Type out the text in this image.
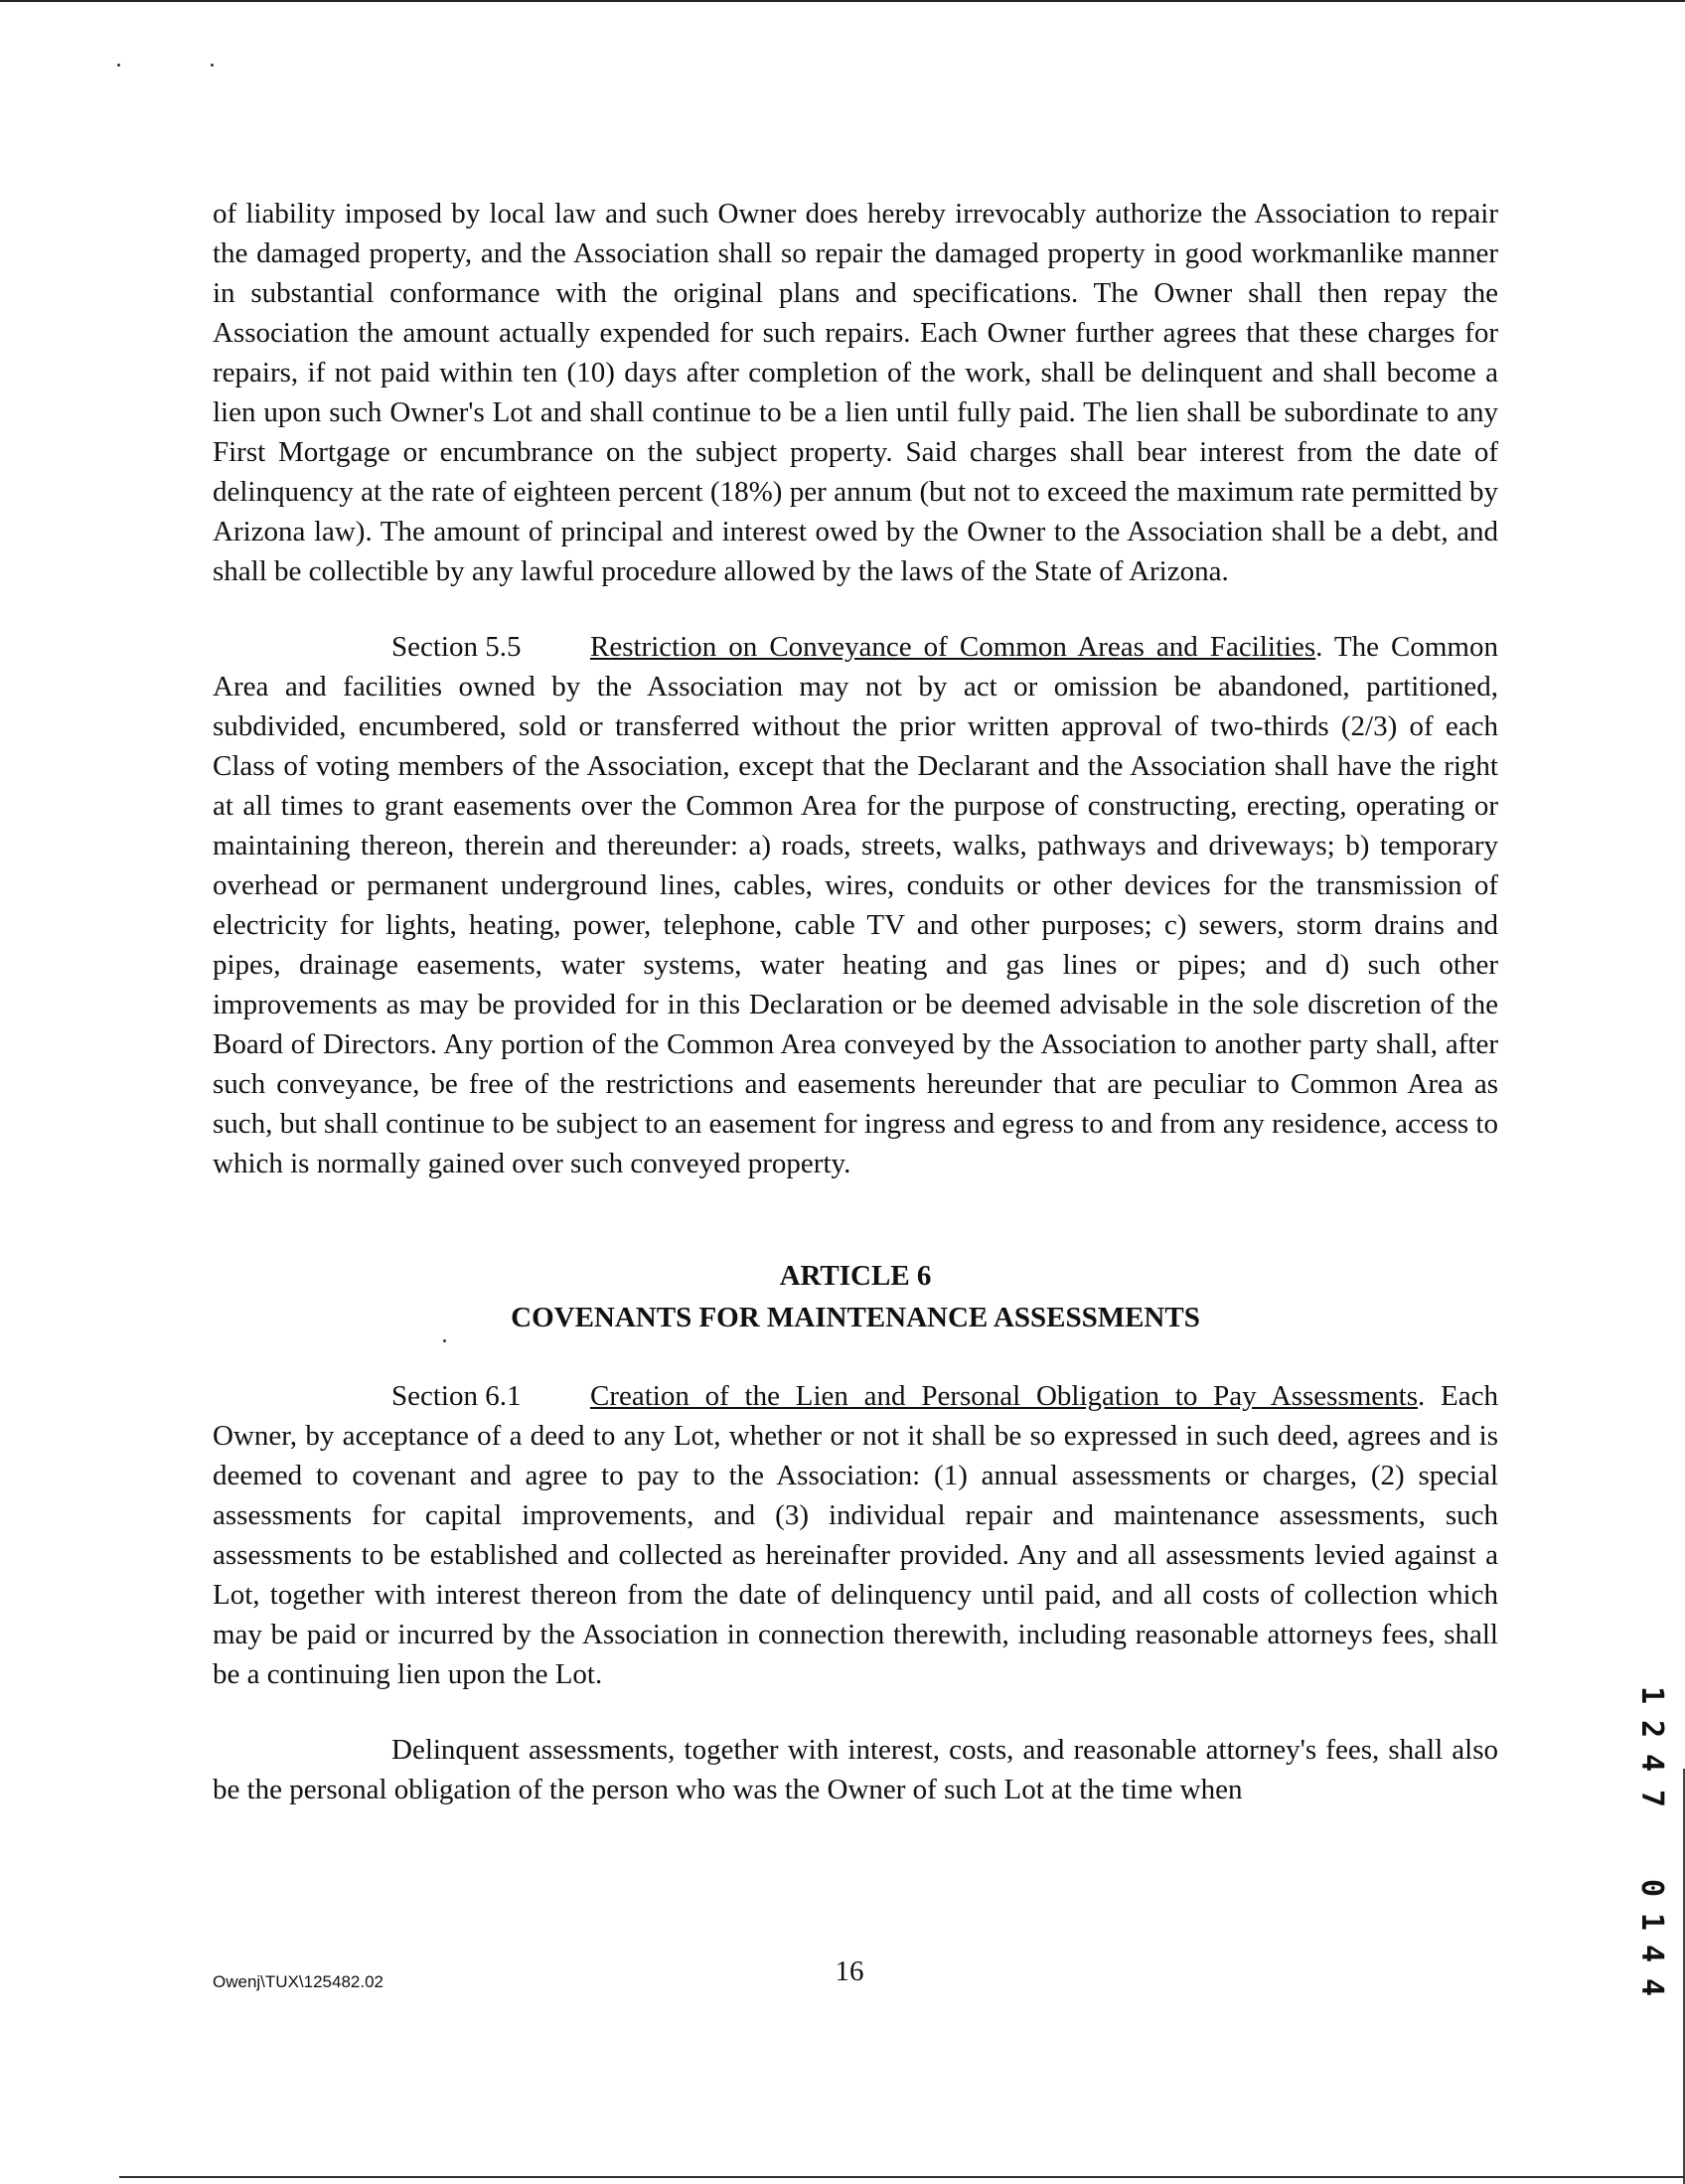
of liability imposed by local law and such Owner does hereby irrevocably authorize the Association to repair the damaged property, and the Association shall so repair the damaged property in good workmanlike manner in substantial conformance with the original plans and specifications. The Owner shall then repay the Association the amount actually expended for such repairs. Each Owner further agrees that these charges for repairs, if not paid within ten (10) days after completion of the work, shall be delinquent and shall become a lien upon such Owner's Lot and shall continue to be a lien until fully paid. The lien shall be subordinate to any First Mortgage or encumbrance on the subject property. Said charges shall bear interest from the date of delinquency at the rate of eighteen percent (18%) per annum (but not to exceed the maximum rate permitted by Arizona law). The amount of principal and interest owed by the Owner to the Association shall be a debt, and shall be collectible by any lawful procedure allowed by the laws of the State of Arizona.

Section 5.5 Restriction on Conveyance of Common Areas and Facilities. The Common Area and facilities owned by the Association may not by act or omission be abandoned, partitioned, subdivided, encumbered, sold or transferred without the prior written approval of two-thirds (2/3) of each Class of voting members of the Association, except that the Declarant and the Association shall have the right at all times to grant easements over the Common Area for the purpose of constructing, erecting, operating or maintaining thereon, therein and thereunder: a) roads, streets, walks, pathways and driveways; b) temporary overhead or permanent underground lines, cables, wires, conduits or other devices for the transmission of electricity for lights, heating, power, telephone, cable TV and other purposes; c) sewers, storm drains and pipes, drainage easements, water systems, water heating and gas lines or pipes; and d) such other improvements as may be provided for in this Declaration or be deemed advisable in the sole discretion of the Board of Directors. Any portion of the Common Area conveyed by the Association to another party shall, after such conveyance, be free of the restrictions and easements hereunder that are peculiar to Common Area as such, but shall continue to be subject to an easement for ingress and egress to and from any residence, access to which is normally gained over such conveyed property.

ARTICLE 6

COVENANTS FOR MAINTENANCE ASSESSMENTS

Section 6.1 Creation of the Lien and Personal Obligation to Pay Assessments. Each Owner, by acceptance of a deed to any Lot, whether or not it shall be so expressed in such deed, agrees and is deemed to covenant and agree to pay to the Association: (1) annual assessments or charges, (2) special assessments for capital improvements, and (3) individual repair and maintenance assessments, such assessments to be established and collected as hereinafter provided. Any and all assessments levied against a Lot, together with interest thereon from the date of delinquency until paid, and all costs of collection which may be paid or incurred by the Association in connection therewith, including reasonable attorneys fees, shall be a continuing lien upon the Lot.

Delinquent assessments, together with interest, costs, and reasonable attorney's fees, shall also be the personal obligation of the person who was the Owner of such Lot at the time when

Owenj\TUX\125482.02	16	4
4
1
0
7
4
2
1
